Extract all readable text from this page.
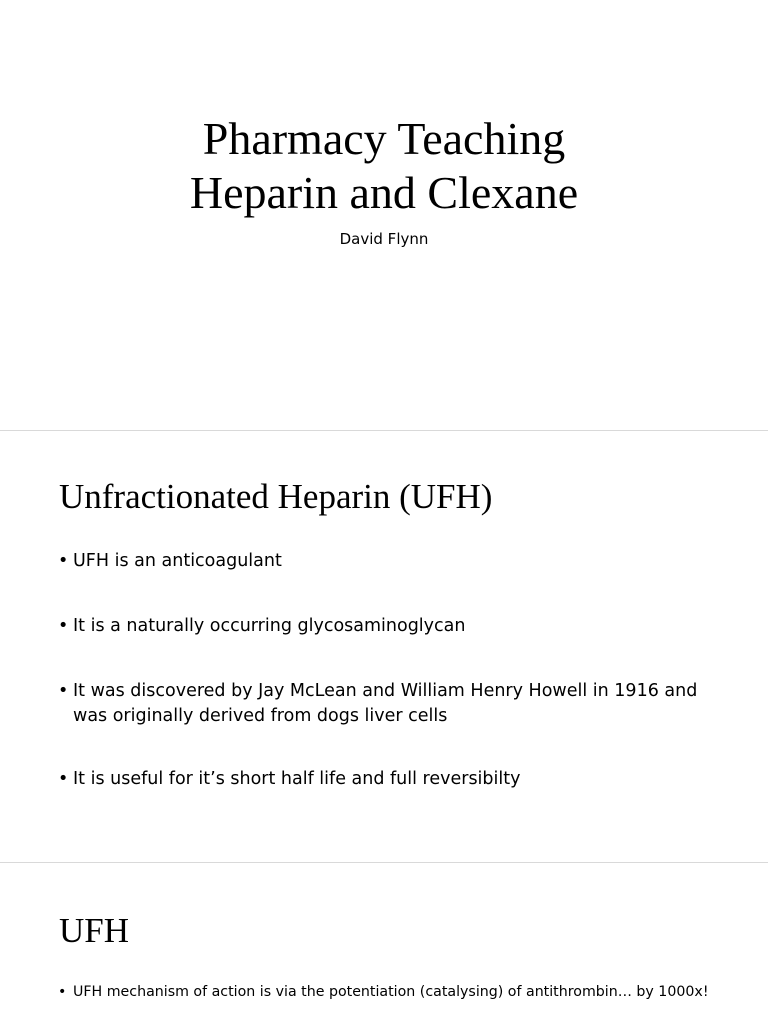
Pharmacy Teaching
Heparin and Clexane
David Flynn
Unfractionated Heparin (UFH)
• UFH is an anticoagulant
• It is a naturally occurring glycosaminoglycan
• It was discovered by Jay McLean and William Henry Howell in 1916 and was originally derived from dogs liver cells
• It is useful for it’s short half life and full reversibilty
UFH
• UFH mechanism of action is via the potentiation (catalysing) of antithrombin… by 1000x!
